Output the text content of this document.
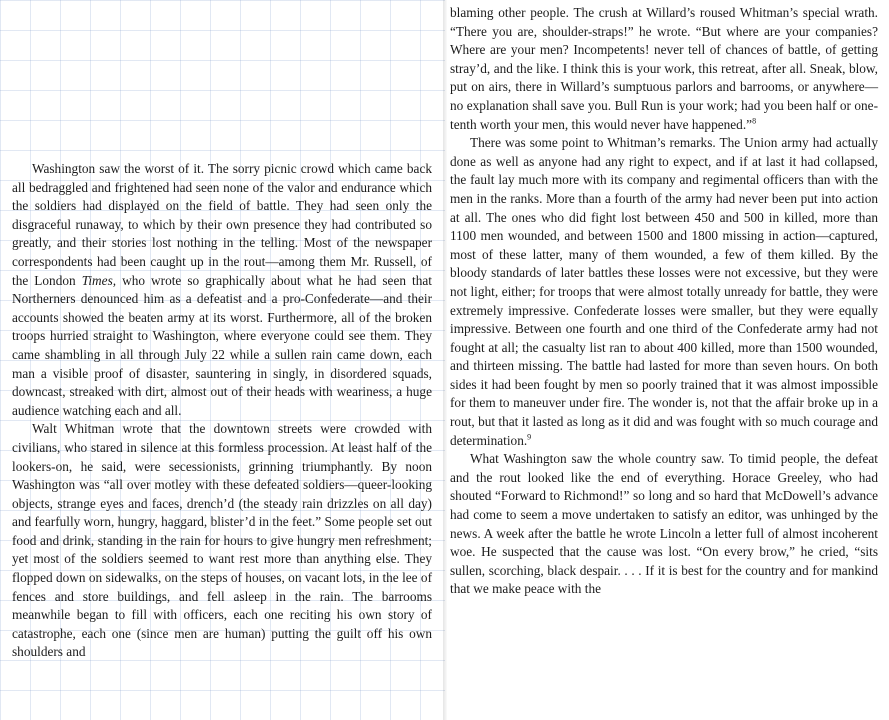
Washington saw the worst of it. The sorry picnic crowd which came back all bedraggled and frightened had seen none of the valor and endurance which the soldiers had displayed on the field of battle. They had seen only the disgraceful runaway, to which by their own presence they had contributed so greatly, and their stories lost nothing in the telling. Most of the newspaper correspondents had been caught up in the rout—among them Mr. Russell, of the London Times, who wrote so graphically about what he had seen that Northerners denounced him as a defeatist and a pro-Confederate—and their accounts showed the beaten army at its worst. Furthermore, all of the broken troops hurried straight to Washington, where everyone could see them. They came shambling in all through July 22 while a sullen rain came down, each man a visible proof of disaster, sauntering in singly, in disordered squads, downcast, streaked with dirt, almost out of their heads with weariness, a huge audience watching each and all.

Walt Whitman wrote that the downtown streets were crowded with civilians, who stared in silence at this formless procession. At least half of the lookers-on, he said, were secessionists, grinning triumphantly. By noon Washington was “all over motley with these defeated soldiers—queer-looking objects, strange eyes and faces, drench’d (the steady rain drizzles on all day) and fearfully worn, hungry, haggard, blister’d in the feet.” Some people set out food and drink, standing in the rain for hours to give hungry men refreshment; yet most of the soldiers seemed to want rest more than anything else. They flopped down on sidewalks, on the steps of houses, on vacant lots, in the lee of fences and store buildings, and fell asleep in the rain. The barrooms meanwhile began to fill with officers, each one reciting his own story of catastrophe, each one (since men are human) putting the guilt off his own shoulders and

blaming other people. The crush at Willard’s roused Whitman’s special wrath. “There you are, shoulder-straps!” he wrote. “But where are your companies? Where are your men? Incompetents! never tell of chances of battle, of getting stray’d, and the like. I think this is your work, this retreat, after all. Sneak, blow, put on airs, there in Willard’s sumptuous parlors and barrooms, or anywhere—no explanation shall save you. Bull Run is your work; had you been half or one-tenth worth your men, this would never have happened.”$^8$

There was some point to Whitman’s remarks. The Union army had actually done as well as anyone had any right to expect, and if at last it had collapsed, the fault lay much more with its company and regimental officers than with the men in the ranks. More than a fourth of the army had never been put into action at all. The ones who did fight lost between 450 and 500 in killed, more than 1100 men wounded, and between 1500 and 1800 missing in action—captured, most of these latter, many of them wounded, a few of them killed. By the bloody standards of later battles these losses were not excessive, but they were not light, either; for troops that were almost totally unready for battle, they were extremely impressive. Confederate losses were smaller, but they were equally impressive. Between one fourth and one third of the Confederate army had not fought at all; the casualty list ran to about 400 killed, more than 1500 wounded, and thirteen missing. The battle had lasted for more than seven hours. On both sides it had been fought by men so poorly trained that it was almost impossible for them to maneuver under fire. The wonder is, not that the affair broke up in a rout, but that it lasted as long as it did and was fought with so much courage and determination.$^9$

What Washington saw the whole country saw. To timid people, the defeat and the rout looked like the end of everything. Horace Greeley, who had shouted “Forward to Richmond!” so long and so hard that McDowell’s advance had come to seem a move undertaken to satisfy an editor, was unhinged by the news. A week after the battle he wrote Lincoln a letter full of almost incoherent woe. He suspected that the cause was lost. “On every brow,” he cried, “sits sullen, scorching, black despair. . . . If it is best for the country and for mankind that we make peace with the
